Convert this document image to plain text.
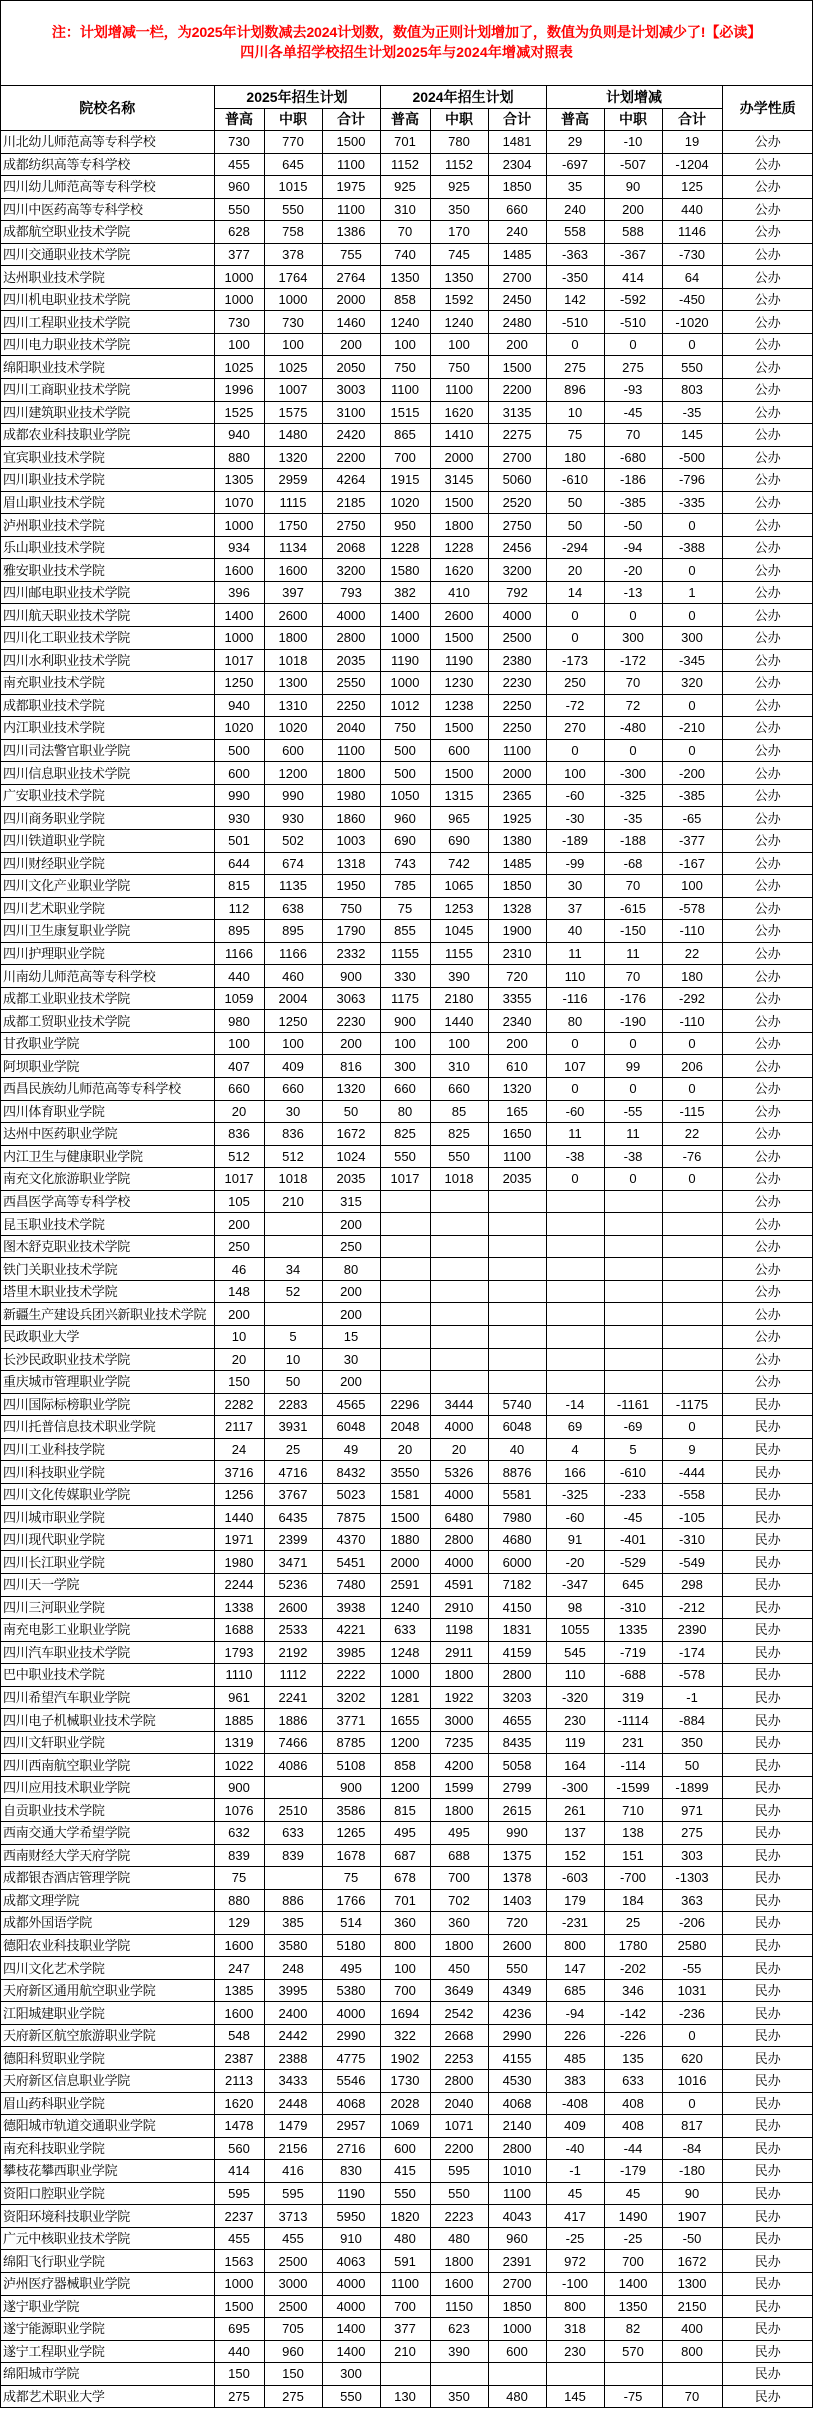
注：计划增减一栏，为2025年计划数减去2024计划数，数值为正则计划增加了，数值为负则是计划减少了!【必读】
四川各单招学校招生计划2025年与2024年增减对照表
院校名称	2025年招生计划			2024年招生计划			计划增减			办学性质
	普高	中职	合计	普高	中职	合计	普高	中职	合计	
川北幼儿师范高等专科学校	730	770	1500	701	780	1481	29	-10	19	公办
成都纺织高等专科学校	455	645	1100	1152	1152	2304	-697	-507	-1204	公办
四川幼儿师范高等专科学校	960	1015	1975	925	925	1850	35	90	125	公办
四川中医药高等专科学校	550	550	1100	310	350	660	240	200	440	公办
成都航空职业技术学院	628	758	1386	70	170	240	558	588	1146	公办
四川交通职业技术学院	377	378	755	740	745	1485	-363	-367	-730	公办
达州职业技术学院	1000	1764	2764	1350	1350	2700	-350	414	64	公办
四川机电职业技术学院	1000	1000	2000	858	1592	2450	142	-592	-450	公办
四川工程职业技术学院	730	730	1460	1240	1240	2480	-510	-510	-1020	公办
四川电力职业技术学院	100	100	200	100	100	200	0	0	0	公办
绵阳职业技术学院	1025	1025	2050	750	750	1500	275	275	550	公办
四川工商职业技术学院	1996	1007	3003	1100	1100	2200	896	-93	803	公办
四川建筑职业技术学院	1525	1575	3100	1515	1620	3135	10	-45	-35	公办
成都农业科技职业学院	940	1480	2420	865	1410	2275	75	70	145	公办
宜宾职业技术学院	880	1320	2200	700	2000	2700	180	-680	-500	公办
四川职业技术学院	1305	2959	4264	1915	3145	5060	-610	-186	-796	公办
眉山职业技术学院	1070	1115	2185	1020	1500	2520	50	-385	-335	公办
泸州职业技术学院	1000	1750	2750	950	1800	2750	50	-50	0	公办
乐山职业技术学院	934	1134	2068	1228	1228	2456	-294	-94	-388	公办
雅安职业技术学院	1600	1600	3200	1580	1620	3200	20	-20	0	公办
四川邮电职业技术学院	396	397	793	382	410	792	14	-13	1	公办
四川航天职业技术学院	1400	2600	4000	1400	2600	4000	0	0	0	公办
四川化工职业技术学院	1000	1800	2800	1000	1500	2500	0	300	300	公办
四川水利职业技术学院	1017	1018	2035	1190	1190	2380	-173	-172	-345	公办
南充职业技术学院	1250	1300	2550	1000	1230	2230	250	70	320	公办
成都职业技术学院	940	1310	2250	1012	1238	2250	-72	72	0	公办
内江职业技术学院	1020	1020	2040	750	1500	2250	270	-480	-210	公办
四川司法警官职业学院	500	600	1100	500	600	1100	0	0	0	公办
四川信息职业技术学院	600	1200	1800	500	1500	2000	100	-300	-200	公办
广安职业技术学院	990	990	1980	1050	1315	2365	-60	-325	-385	公办
四川商务职业学院	930	930	1860	960	965	1925	-30	-35	-65	公办
四川铁道职业学院	501	502	1003	690	690	1380	-189	-188	-377	公办
四川财经职业学院	644	674	1318	743	742	1485	-99	-68	-167	公办
四川文化产业职业学院	815	1135	1950	785	1065	1850	30	70	100	公办
四川艺术职业学院	112	638	750	75	1253	1328	37	-615	-578	公办
四川卫生康复职业学院	895	895	1790	855	1045	1900	40	-150	-110	公办
四川护理职业学院	1166	1166	2332	1155	1155	2310	11	11	22	公办
川南幼儿师范高等专科学校	440	460	900	330	390	720	110	70	180	公办
成都工业职业技术学院	1059	2004	3063	1175	2180	3355	-116	-176	-292	公办
成都工贸职业技术学院	980	1250	2230	900	1440	2340	80	-190	-110	公办
甘孜职业学院	100	100	200	100	100	200	0	0	0	公办
阿坝职业学院	407	409	816	300	310	610	107	99	206	公办
西昌民族幼儿师范高等专科学校	660	660	1320	660	660	1320	0	0	0	公办
四川体育职业学院	20	30	50	80	85	165	-60	-55	-115	公办
达州中医药职业学院	836	836	1672	825	825	1650	11	11	22	公办
内江卫生与健康职业学院	512	512	1024	550	550	1100	-38	-38	-76	公办
南充文化旅游职业学院	1017	1018	2035	1017	1018	2035	0	0	0	公办
西昌医学高等专科学校	105	210	315							公办
昆玉职业技术学院	200		200							公办
图木舒克职业技术学院	250		250							公办
铁门关职业技术学院	46	34	80							公办
塔里木职业技术学院	148	52	200							公办
新疆生产建设兵团兴新职业技术学院	200		200							公办
民政职业大学	10	5	15							公办
长沙民政职业技术学院	20	10	30							公办
重庆城市管理职业学院	150	50	200							公办
四川国际标榜职业学院	2282	2283	4565	2296	3444	5740	-14	-1161	-1175	民办
四川托普信息技术职业学院	2117	3931	6048	2048	4000	6048	69	-69	0	民办
四川工业科技学院	24	25	49	20	20	40	4	5	9	民办
四川科技职业学院	3716	4716	8432	3550	5326	8876	166	-610	-444	民办
四川文化传媒职业学院	1256	3767	5023	1581	4000	5581	-325	-233	-558	民办
四川城市职业学院	1440	6435	7875	1500	6480	7980	-60	-45	-105	民办
四川现代职业学院	1971	2399	4370	1880	2800	4680	91	-401	-310	民办
四川长江职业学院	1980	3471	5451	2000	4000	6000	-20	-529	-549	民办
四川天一学院	2244	5236	7480	2591	4591	7182	-347	645	298	民办
四川三河职业学院	1338	2600	3938	1240	2910	4150	98	-310	-212	民办
南充电影工业职业学院	1688	2533	4221	633	1198	1831	1055	1335	2390	民办
四川汽车职业技术学院	1793	2192	3985	1248	2911	4159	545	-719	-174	民办
巴中职业技术学院	1110	1112	2222	1000	1800	2800	110	-688	-578	民办
四川希望汽车职业学院	961	2241	3202	1281	1922	3203	-320	319	-1	民办
四川电子机械职业技术学院	1885	1886	3771	1655	3000	4655	230	-1114	-884	民办
四川文轩职业学院	1319	7466	8785	1200	7235	8435	119	231	350	民办
四川西南航空职业学院	1022	4086	5108	858	4200	5058	164	-114	50	民办
四川应用技术职业学院	900		900	1200	1599	2799	-300	-1599	-1899	民办
自贡职业技术学院	1076	2510	3586	815	1800	2615	261	710	971	民办
西南交通大学希望学院	632	633	1265	495	495	990	137	138	275	民办
西南财经大学天府学院	839	839	1678	687	688	1375	152	151	303	民办
成都银杏酒店管理学院	75		75	678	700	1378	-603	-700	-1303	民办
成都文理学院	880	886	1766	701	702	1403	179	184	363	民办
成都外国语学院	129	385	514	360	360	720	-231	25	-206	民办
德阳农业科技职业学院	1600	3580	5180	800	1800	2600	800	1780	2580	民办
四川文化艺术学院	247	248	495	100	450	550	147	-202	-55	民办
天府新区通用航空职业学院	1385	3995	5380	700	3649	4349	685	346	1031	民办
江阳城建职业学院	1600	2400	4000	1694	2542	4236	-94	-142	-236	民办
天府新区航空旅游职业学院	548	2442	2990	322	2668	2990	226	-226	0	民办
德阳科贸职业学院	2387	2388	4775	1902	2253	4155	485	135	620	民办
天府新区信息职业学院	2113	3433	5546	1730	2800	4530	383	633	1016	民办
眉山药科职业学院	1620	2448	4068	2028	2040	4068	-408	408	0	民办
德阳城市轨道交通职业学院	1478	1479	2957	1069	1071	2140	409	408	817	民办
南充科技职业学院	560	2156	2716	600	2200	2800	-40	-44	-84	民办
攀枝花攀西职业学院	414	416	830	415	595	1010	-1	-179	-180	民办
资阳口腔职业学院	595	595	1190	550	550	1100	45	45	90	民办
资阳环境科技职业学院	2237	3713	5950	1820	2223	4043	417	1490	1907	民办
广元中核职业技术学院	455	455	910	480	480	960	-25	-25	-50	民办
绵阳飞行职业学院	1563	2500	4063	591	1800	2391	972	700	1672	民办
泸州医疗器械职业学院	1000	3000	4000	1100	1600	2700	-100	1400	1300	民办
遂宁职业学院	1500	2500	4000	700	1150	1850	800	1350	2150	民办
遂宁能源职业学院	695	705	1400	377	623	1000	318	82	400	民办
遂宁工程职业学院	440	960	1400	210	390	600	230	570	800	民办
绵阳城市学院	150	150	300							民办
成都艺术职业大学	275	275	550	130	350	480	145	-75	70	民办
